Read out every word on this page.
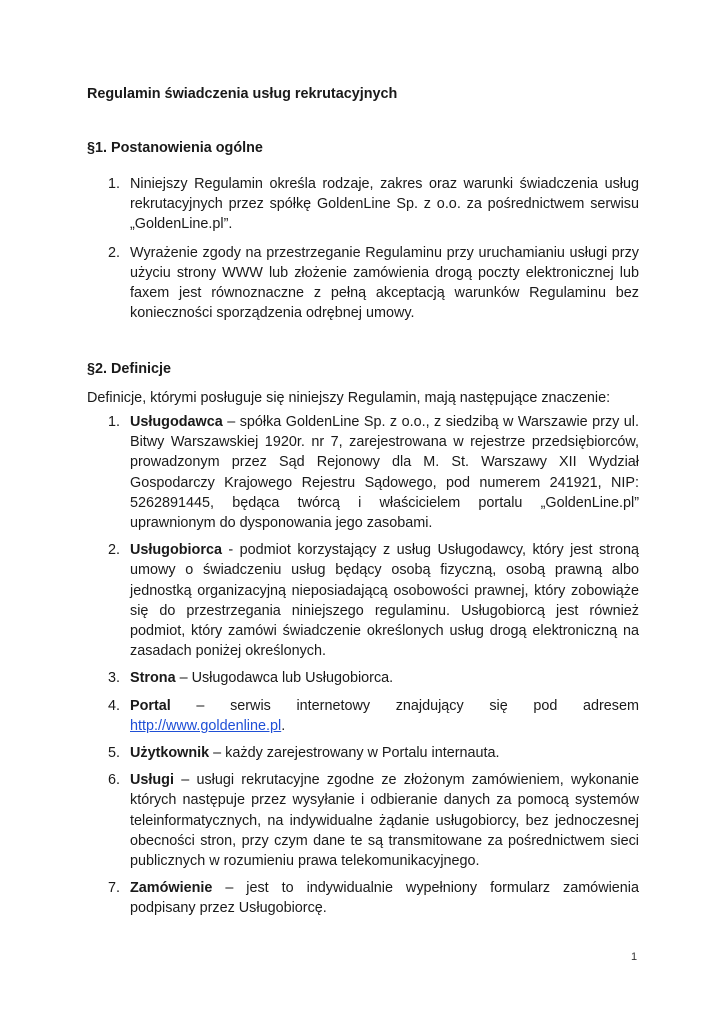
Regulamin świadczenia usług rekrutacyjnych
§1. Postanowienia ogólne
1. Niniejszy Regulamin określa rodzaje, zakres oraz warunki świadczenia usług rekrutacyjnych przez spółkę GoldenLine Sp. z o.o. za pośrednictwem serwisu „GoldenLine.pl”.
2. Wyrażenie zgody na przestrzeganie Regulaminu przy uruchamianiu usługi przy użyciu strony WWW lub złożenie zamówienia drogą poczty elektronicznej lub faxem jest równoznaczne z pełną akceptacją warunków Regulaminu bez konieczności sporządzenia odrębnej umowy.
§2. Definicje
Definicje, którymi posługuje się niniejszy Regulamin, mają następujące znaczenie:
1. Usługodawca – spółka GoldenLine Sp. z o.o., z siedzibą w Warszawie przy ul. Bitwy Warszawskiej 1920r. nr 7, zarejestrowana w rejestrze przedsiębiorców, prowadzonym przez Sąd Rejonowy dla M. St. Warszawy XII Wydział Gospodarczy Krajowego Rejestru Sądowego, pod numerem 241921, NIP: 5262891445, będąca twórcą i właścicielem portalu „GoldenLine.pl” uprawnionym do dysponowania jego zasobami.
2. Usługobiorca - podmiot korzystający z usług Usługodawcy, który jest stroną umowy o świadczeniu usług będący osobą fizyczną, osobą prawną albo jednostką organizacyjną nieposiadającą osobowości prawnej, który zobowiąże się do przestrzegania niniejszego regulaminu. Usługobiorcą jest również podmiot, który zamówi świadczenie określonych usług drogą elektroniczną na zasadach poniżej określonych.
3. Strona – Usługodawca lub Usługobiorca.
4. Portal – serwis internetowy znajdujący się pod adresem http://www.goldenline.pl.
5. Użytkownik – każdy zarejestrowany w Portalu internauta.
6. Usługi – usługi rekrutacyjne zgodne ze złożonym zamówieniem, wykonanie których następuje przez wysyłanie i odbieranie danych za pomocą systemów teleinformatycznych, na indywidualne żądanie usługobiorcy, bez jednoczesnej obecności stron, przy czym dane te są transmitowane za pośrednictwem sieci publicznych w rozumieniu prawa telekomunikacyjnego.
7. Zamówienie – jest to indywidualnie wypełniony formularz zamówienia podpisany przez Usługobiorcę.
1
